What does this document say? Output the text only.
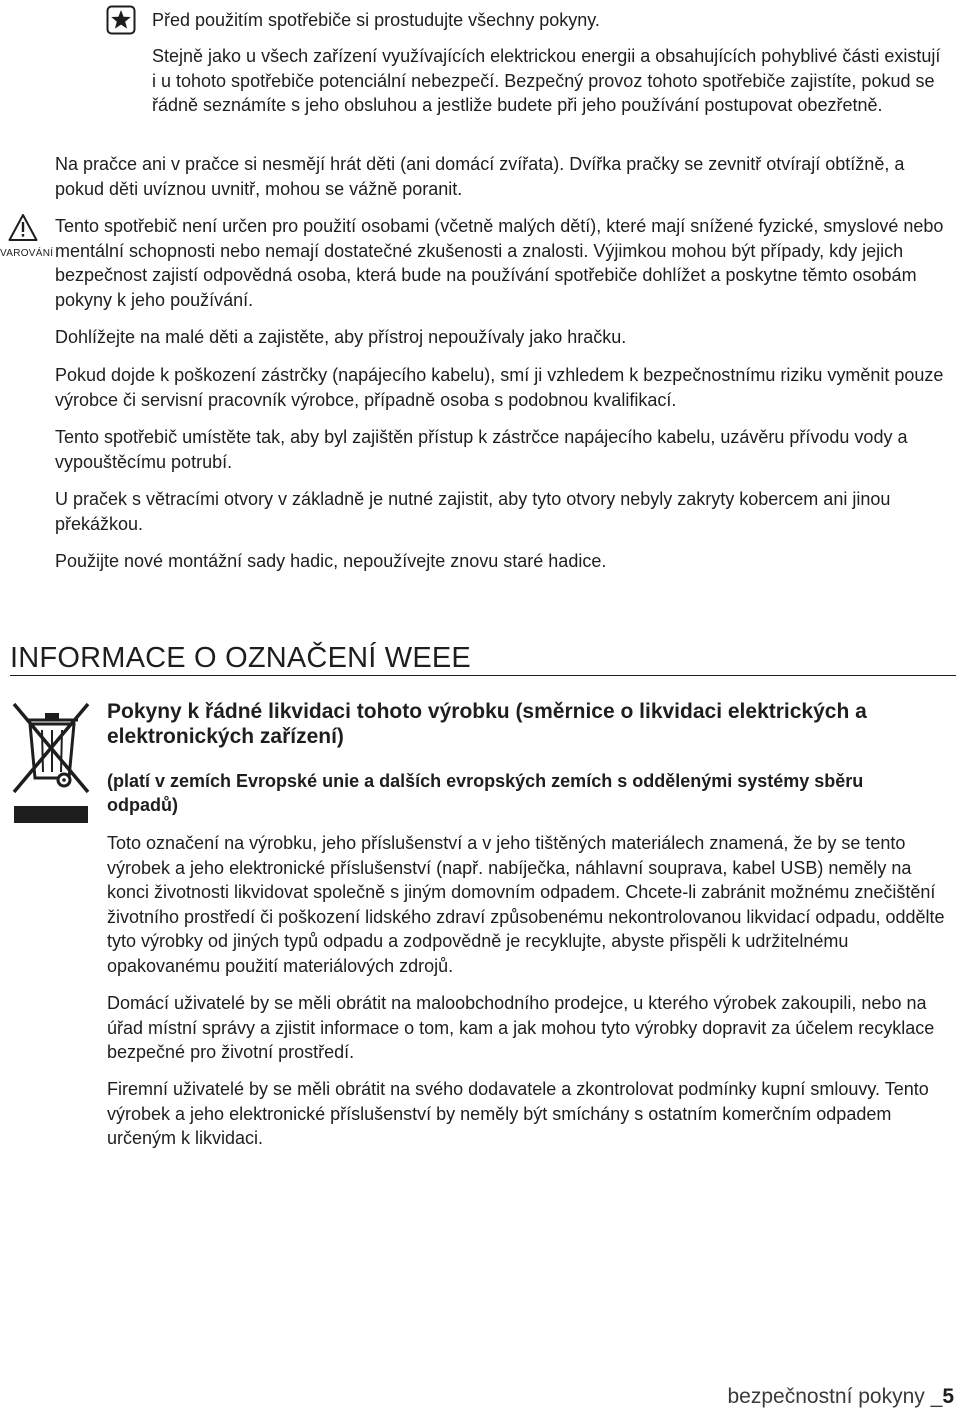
Před použitím spotřebiče si prostudujte všechny pokyny.

Stejně jako u všech zařízení využívajících elektrickou energii a obsahujících pohyblivé části existují i u tohoto spotřebiče potenciální nebezpečí. Bezpečný provoz tohoto spotřebiče zajistíte, pokud se řádně seznámíte s jeho obsluhou a jestliže budete při jeho používání postupovat obezřetně.

Na pračce ani v pračce si nesmějí hrát děti (ani domácí zvířata). Dvířka pračky se zevnitř otvírají obtížně, a pokud děti uvíznou uvnitř, mohou se vážně poranit.

VAROVÁNÍ

Tento spotřebič není určen pro použití osobami (včetně malých dětí), které mají snížené fyzické, smyslové nebo mentální schopnosti nebo nemají dostatečné zkušenosti a znalosti. Výjimkou mohou být případy, kdy jejich bezpečnost zajistí odpovědná osoba, která bude na používání spotřebiče dohlížet a poskytne těmto osobám pokyny k jeho používání.

Dohlížejte na malé děti a zajistěte, aby přístroj nepoužívaly jako hračku.

Pokud dojde k poškození zástrčky (napájecího kabelu), smí ji vzhledem k bezpečnostnímu riziku vyměnit pouze výrobce či servisní pracovník výrobce, případně osoba s podobnou kvalifikací.

Tento spotřebič umístěte tak, aby byl zajištěn přístup k zástrčce napájecího kabelu, uzávěru přívodu vody a vypouštěcímu potrubí.

U praček s větracími otvory v základně je nutné zajistit, aby tyto otvory nebyly zakryty kobercem ani jinou překážkou.

Použijte nové montážní sady hadic, nepoužívejte znovu staré hadice.

INFORMACE O OZNAČENÍ WEEE

Pokyny k řádné likvidaci tohoto výrobku (směrnice o likvidaci elektrických a elektronických zařízení)

(platí v zemích Evropské unie a dalších evropských zemích s oddělenými systémy sběru odpadů)

Toto označení na výrobku, jeho příslušenství a v jeho tištěných materiálech znamená, že by se tento výrobek a jeho elektronické příslušenství (např. nabíječka, náhlavní souprava, kabel USB) neměly na konci životnosti likvidovat společně s jiným domovním odpadem. Chcete-li zabránit možnému znečištění životního prostředí či poškození lidského zdraví způsobenému nekontrolovanou likvidací odpadu, oddělte tyto výrobky od jiných typů odpadu a zodpovědně je recyklujte, abyste přispěli k udržitelnému opakovanému použití materiálových zdrojů.

Domácí uživatelé by se měli obrátit na maloobchodního prodejce, u kterého výrobek zakoupili, nebo na úřad místní správy a zjistit informace o tom, kam a jak mohou tyto výrobky dopravit za účelem recyklace bezpečné pro životní prostředí.

Firemní uživatelé by se měli obrátit na svého dodavatele a zkontrolovat podmínky kupní smlouvy. Tento výrobek a jeho elektronické příslušenství by neměly být smíchány s ostatním komerčním odpadem určeným k likvidaci.

bezpečnostní pokyny _5
